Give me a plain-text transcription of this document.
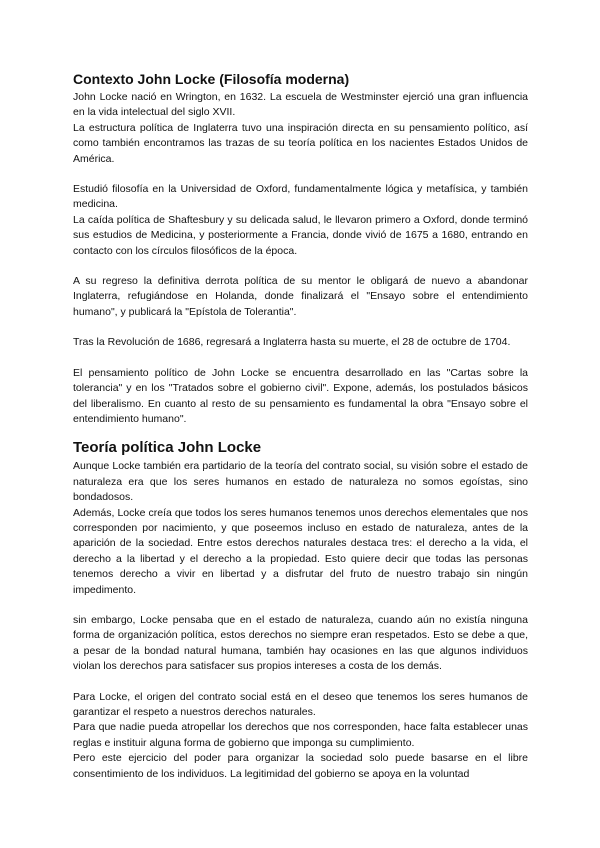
Contexto John Locke (Filosofía moderna)

John Locke nació en Wrington, en 1632. La escuela de Westminster ejerció una gran influencia en la vida intelectual del siglo XVII.

La estructura política de Inglaterra tuvo una inspiración directa en su pensamiento político, así como también encontramos las trazas de su teoría política en los nacientes Estados Unidos de América.

Estudió filosofía en la Universidad de Oxford, fundamentalmente lógica y metafísica, y también medicina.

La caída política de Shaftesbury y su delicada salud, le llevaron primero a Oxford, donde terminó sus estudios de Medicina, y posteriormente a Francia, donde vivió de 1675 a 1680, entrando en contacto con los círculos filosóficos de la época.

A su regreso la definitiva derrota política de su mentor le obligará de nuevo a abandonar Inglaterra, refugiándose en Holanda, donde finalizará el "Ensayo sobre el entendimiento humano", y publicará la "Epístola de Tolerantia".

Tras la Revolución de 1686, regresará a Inglaterra hasta su muerte, el 28 de octubre de 1704.

El pensamiento político de John Locke se encuentra desarrollado en las "Cartas sobre la tolerancia" y en los "Tratados sobre el gobierno civil". Expone, además, los postulados básicos del liberalismo. En cuanto al resto de su pensamiento es fundamental la obra "Ensayo sobre el entendimiento humano".

Teoría política John Locke

Aunque Locke también era partidario de la teoría del contrato social, su visión sobre el estado de naturaleza era que los seres humanos en estado de naturaleza no somos egoístas, sino bondadosos.

Además, Locke creía que todos los seres humanos tenemos unos derechos elementales que nos corresponden por nacimiento, y que poseemos incluso en estado de naturaleza, antes de la aparición de la sociedad. Entre estos derechos naturales destaca tres: el derecho a la vida, el derecho a la libertad y el derecho a la propiedad. Esto quiere decir que todas las personas tenemos derecho a vivir en libertad y a disfrutar del fruto de nuestro trabajo sin ningún impedimento.

sin embargo, Locke pensaba que en el estado de naturaleza, cuando aún no existía ninguna forma de organización política, estos derechos no siempre eran respetados. Esto se debe a que, a pesar de la bondad natural humana, también hay ocasiones en las que algunos individuos violan los derechos para satisfacer sus propios intereses a costa de los demás.

Para Locke, el origen del contrato social está en el deseo que tenemos los seres humanos de garantizar el respeto a nuestros derechos naturales.

Para que nadie pueda atropellar los derechos que nos corresponden, hace falta establecer unas reglas e instituir alguna forma de gobierno que imponga su cumplimiento.

Pero este ejercicio del poder para organizar la sociedad solo puede basarse en el libre consentimiento de los individuos. La legitimidad del gobierno se apoya en la voluntad
